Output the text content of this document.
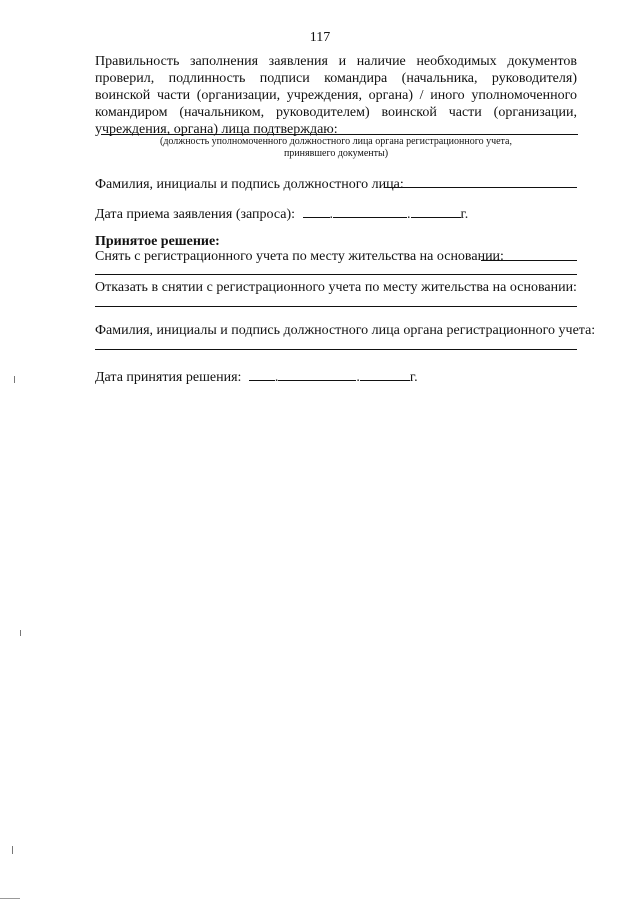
117

Правильность заполнения заявления и наличие необходимых документов проверил, подлинность подписи командира (начальника, руководителя) воинской части (организации, учреждения, органа) / иного уполномоченного командиром (начальником, руководителем) воинской части (организации, учреждения, органа) лица подтверждаю:

(должность уполномоченного должностного лица органа регистрационного учета,
принявшего документы)
Фамилия, инициалы и подпись должностного лица:
Дата приема заявления (запроса): .	.	г.
Принятое решение:
Снять с регистрационного учета по месту жительства на основании:
Отказать в снятии с регистрационного учета по месту жительства на основании:
Фамилия, инициалы и подпись должностного лица органа регистрационного учета:
Дата принятия решения: .	.	г.
